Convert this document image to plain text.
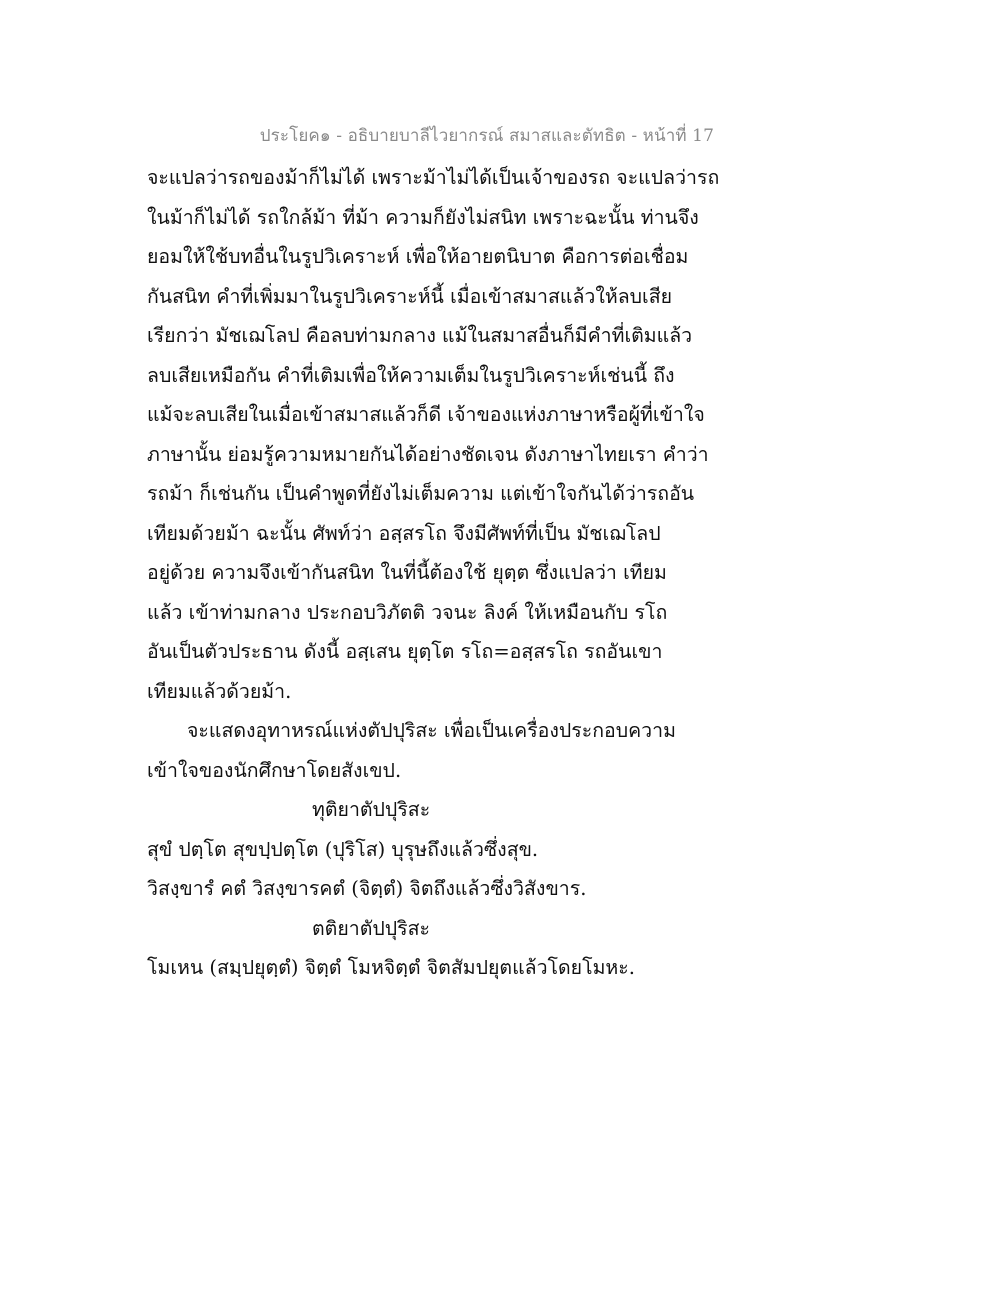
ประโยค๑ - อธิบายบาลีไวยากรณ์ สมาสและตัทธิต - หน้าที่ 17
จะแปลว่ารถของม้าก็ไม่ได้ เพราะม้าไม่ได้เป็นเจ้าของรถ จะแปลว่ารถ
ในม้าก็ไม่ได้ รถใกล้ม้า ที่ม้า ความก็ยังไม่สนิท เพราะฉะนั้น ท่านจึง
ยอมให้ใช้บทอื่นในรูปวิเคราะห์ เพื่อให้อายตนิบาต คือการต่อเชื่อม
กันสนิท คำที่เพิ่มมาในรูปวิเคราะห์นี้ เมื่อเข้าสมาสแล้วให้ลบเสีย
เรียกว่า มัชเฌโลป คือลบท่ามกลาง แม้ในสมาสอื่นก็มีคำที่เติมแล้ว
ลบเสียเหมือกัน คำที่เติมเพื่อให้ความเต็มในรูปวิเคราะห์เช่นนี้ ถึง
แม้จะลบเสียในเมื่อเข้าสมาสแล้วก็ดี เจ้าของแห่งภาษาหรือผู้ที่เข้าใจ
ภาษานั้น ย่อมรู้ความหมายกันได้อย่างชัดเจน ดังภาษาไทยเรา คำว่า
รถม้า ก็เช่นกัน เป็นคำพูดที่ยังไม่เต็มความ แต่เข้าใจกันได้ว่ารถอัน
เทียมด้วยม้า ฉะนั้น ศัพท์ว่า อสฺสรโถ จึงมีศัพท์ที่เป็น มัชเฌโลป
อยู่ด้วย ความจึงเข้ากันสนิท ในที่นี้ต้องใช้ ยุตฺต ซึ่งแปลว่า เทียม
แล้ว เข้าท่ามกลาง ประกอบวิภัตติ วจนะ ลิงค์ ให้เหมือนกับ รโถ
อันเป็นตัวประธาน ดังนี้ อสฺเสน ยุตฺโต รโถ=อสฺสรโถ รถอันเขา
เทียมแล้วด้วยม้า.
จะแสดงอุทาหรณ์แห่งตัปปุริสะ เพื่อเป็นเครื่องประกอบความ
เข้าใจของนักศึกษาโดยสังเขป.
ทุติยาตัปปุริสะ
สุขํ ปตฺโต สุขปฺปตฺโต (ปุริโส) บุรุษถึงแล้วซึ่งสุข.
วิสงฺขารํ คตํ วิสงฺขารคตํ (จิตฺตํ) จิตถึงแล้วซึ่งวิสังขาร.
ตติยาตัปปุริสะ
โมเหน (สมฺปยุตฺตํ) จิตฺตํ โมหจิตฺตํ จิตสัมปยุตแล้วโดยโมหะ.
